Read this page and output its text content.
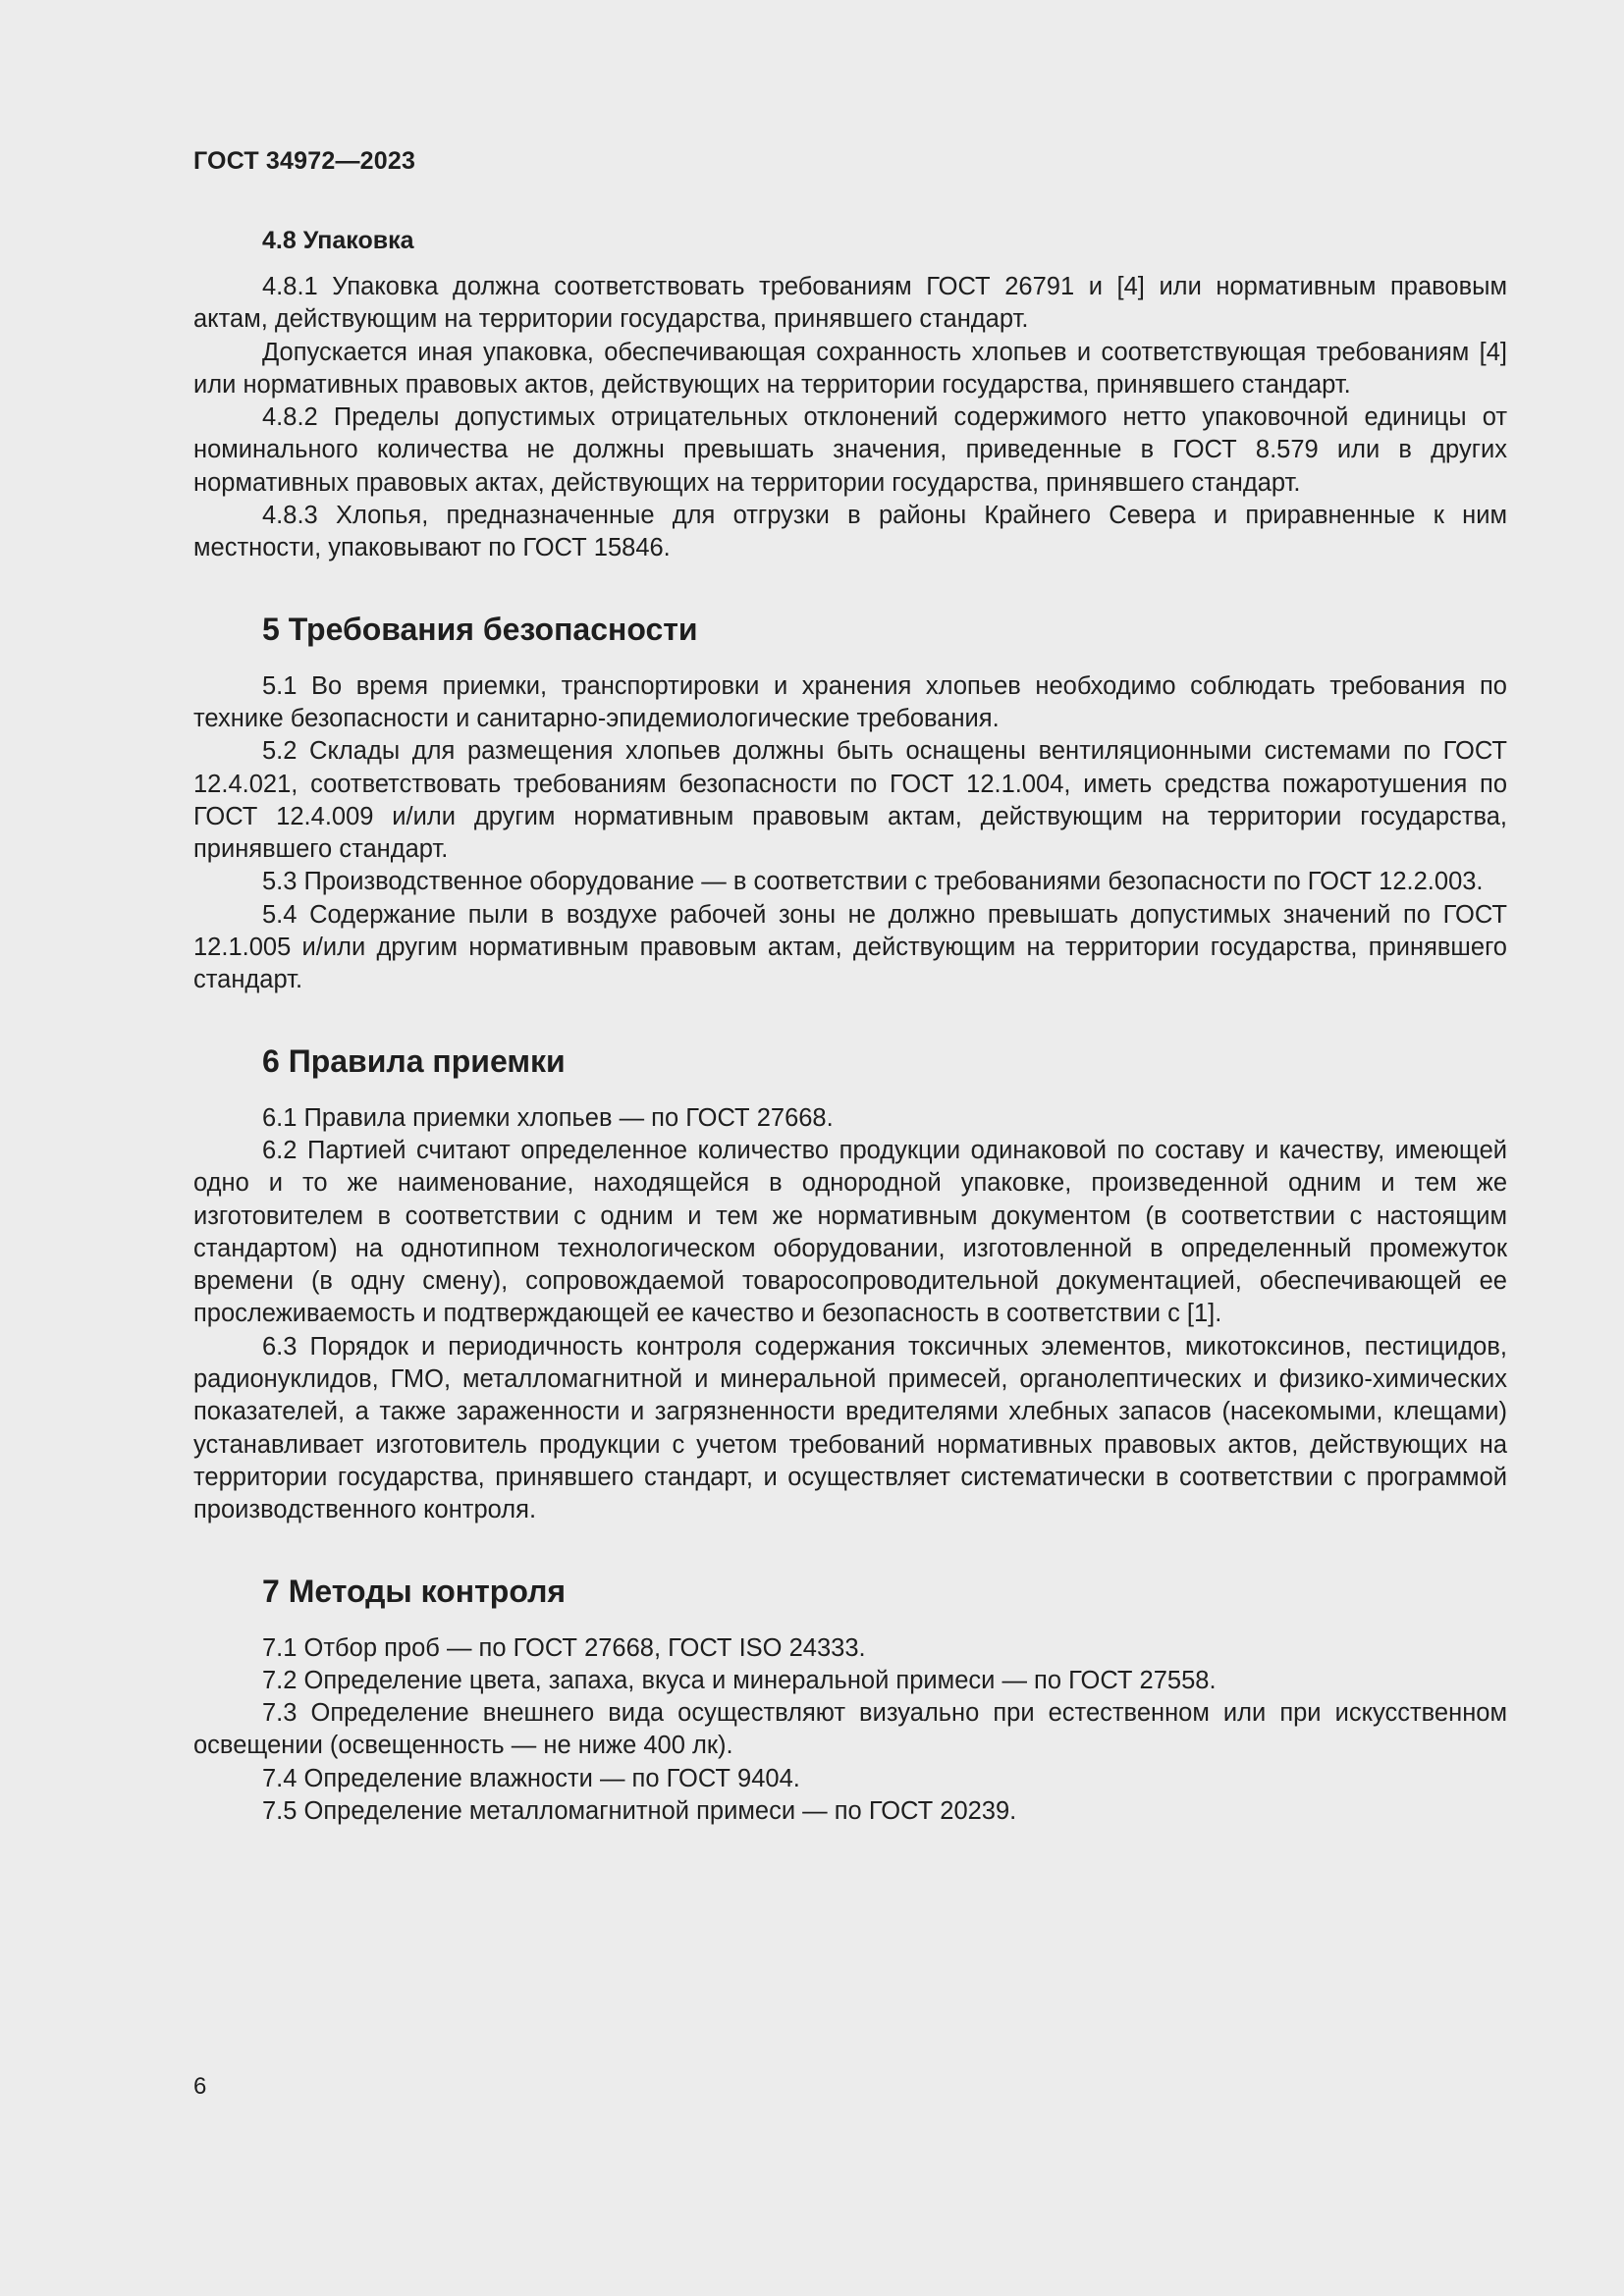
ГОСТ 34972—2023
4.8 Упаковка

4.8.1 Упаковка должна соответствовать требованиям ГОСТ 26791 и [4] или нормативным правовым актам, действующим на территории государства, принявшего стандарт.

Допускается иная упаковка, обеспечивающая сохранность хлопьев и соответствующая требованиям [4] или нормативных правовых актов, действующих на территории государства, принявшего стандарт.

4.8.2 Пределы допустимых отрицательных отклонений содержимого нетто упаковочной единицы от номинального количества не должны превышать значения, приведенные в ГОСТ 8.579 или в других нормативных правовых актах, действующих на территории государства, принявшего стандарт.

4.8.3 Хлопья, предназначенные для отгрузки в районы Крайнего Севера и приравненные к ним местности, упаковывают по ГОСТ 15846.

5 Требования безопасности

5.1 Во время приемки, транспортировки и хранения хлопьев необходимо соблюдать требования по технике безопасности и санитарно-эпидемиологические требования.

5.2 Склады для размещения хлопьев должны быть оснащены вентиляционными системами по ГОСТ 12.4.021, соответствовать требованиям безопасности по ГОСТ 12.1.004, иметь средства пожаротушения по ГОСТ 12.4.009 и/или другим нормативным правовым актам, действующим на территории государства, принявшего стандарт.

5.3 Производственное оборудование — в соответствии с требованиями безопасности по ГОСТ 12.2.003.

5.4 Содержание пыли в воздухе рабочей зоны не должно превышать допустимых значений по ГОСТ 12.1.005 и/или другим нормативным правовым актам, действующим на территории государства, принявшего стандарт.

6 Правила приемки

6.1 Правила приемки хлопьев — по ГОСТ 27668.

6.2 Партией считают определенное количество продукции одинаковой по составу и качеству, имеющей одно и то же наименование, находящейся в однородной упаковке, произведенной одним и тем же изготовителем в соответствии с одним и тем же нормативным документом (в соответствии с настоящим стандартом) на однотипном технологическом оборудовании, изготовленной в определенный промежуток времени (в одну смену), сопровождаемой товаросопроводительной документацией, обеспечивающей ее прослеживаемость и подтверждающей ее качество и безопасность в соответствии с [1].

6.3 Порядок и периодичность контроля содержания токсичных элементов, микотоксинов, пестицидов, радионуклидов, ГМО, металломагнитной и минеральной примесей, органолептических и физико-химических показателей, а также зараженности и загрязненности вредителями хлебных запасов (насекомыми, клещами) устанавливает изготовитель продукции с учетом требований нормативных правовых актов, действующих на территории государства, принявшего стандарт, и осуществляет систематически в соответствии с программой производственного контроля.

7 Методы контроля

7.1 Отбор проб — по ГОСТ 27668, ГОСТ ISO 24333.

7.2 Определение цвета, запаха, вкуса и минеральной примеси — по ГОСТ 27558.

7.3 Определение внешнего вида осуществляют визуально при естественном или при искусственном освещении (освещенность — не ниже 400 лк).

7.4 Определение влажности — по ГОСТ 9404.

7.5 Определение металломагнитной примеси — по ГОСТ 20239.

6
